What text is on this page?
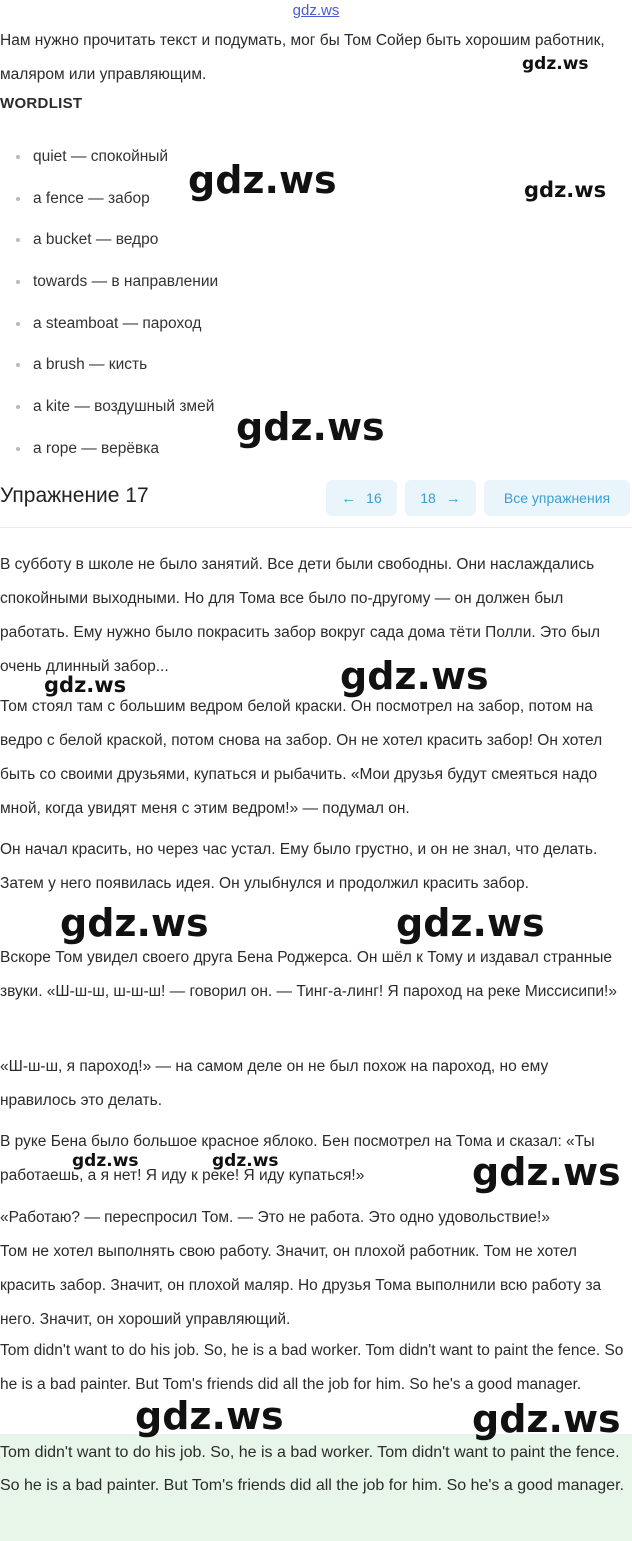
gdz.ws
Нам нужно прочитать текст и подумать, мог бы Том Сойер быть хорошим работник, маляром или управляющим.
WORDLIST
quiet — спокойный
a fence — забор
a bucket — ведро
towards — в направлении
a steamboat — пароход
a brush — кисть
a kite — воздушный змей
a rope — верёвка
Упражнение 17	← 16	18 →	Все упражнения
В субботу в школе не было занятий. Все дети были свободны. Они наслаждались спокойными выходными. Но для Тома все было по-другому — он должен был работать. Ему нужно было покрасить забор вокруг сада дома тёти Полли. Это был очень длинный забор...
Том стоял там с большим ведром белой краски. Он посмотрел на забор, потом на ведро с белой краской, потом снова на забор. Он не хотел красить забор! Он хотел быть со своими друзьями, купаться и рыбачить. «Мои друзья будут смеяться надо мной, когда увидят меня с этим ведром!» — подумал он.
Он начал красить, но через час устал. Ему было грустно, и он не знал, что делать. Затем у него появилась идея. Он улыбнулся и продолжил красить забор.
Вскоре Том увидел своего друга Бена Роджерса. Он шёл к Тому и издавал странные звуки. «Ш-ш-ш, ш-ш-ш! — говорил он. — Тинг-а-линг! Я пароход на реке Миссисипи!»
«Ш-ш-ш, я пароход!» — на самом деле он не был похож на пароход, но ему нравилось это делать.
В руке Бена было большое красное яблоко. Бен посмотрел на Тома и сказал: «Ты работаешь, а я нет! Я иду к реке! Я иду купаться!»
«Работаю? — переспросил Том. — Это не работа. Это одно удовольствие!»
Том не хотел выполнять свою работу. Значит, он плохой работник. Том не хотел красить забор. Значит, он плохой маляр. Но друзья Тома выполнили всю работу за него. Значит, он хороший управляющий.
Tom didn't want to do his job. So, he is a bad worker. Tom didn't want to paint the fence. So he is a bad painter. But Tom's friends did all the job for him. So he's a good manager.
Tom didn't want to do his job. So, he is a bad worker. Tom didn't want to paint the fence. So he is a bad painter. But Tom's friends did all the job for him. So he's a good manager.
gdz.ws
gdz.ws	gdz.ws
gdz.ws
gdz.ws
gdz.ws
gdz.ws	gdz.ws
gdz.ws	gdz.ws	gdz.ws
gdz.ws	gdz.ws
